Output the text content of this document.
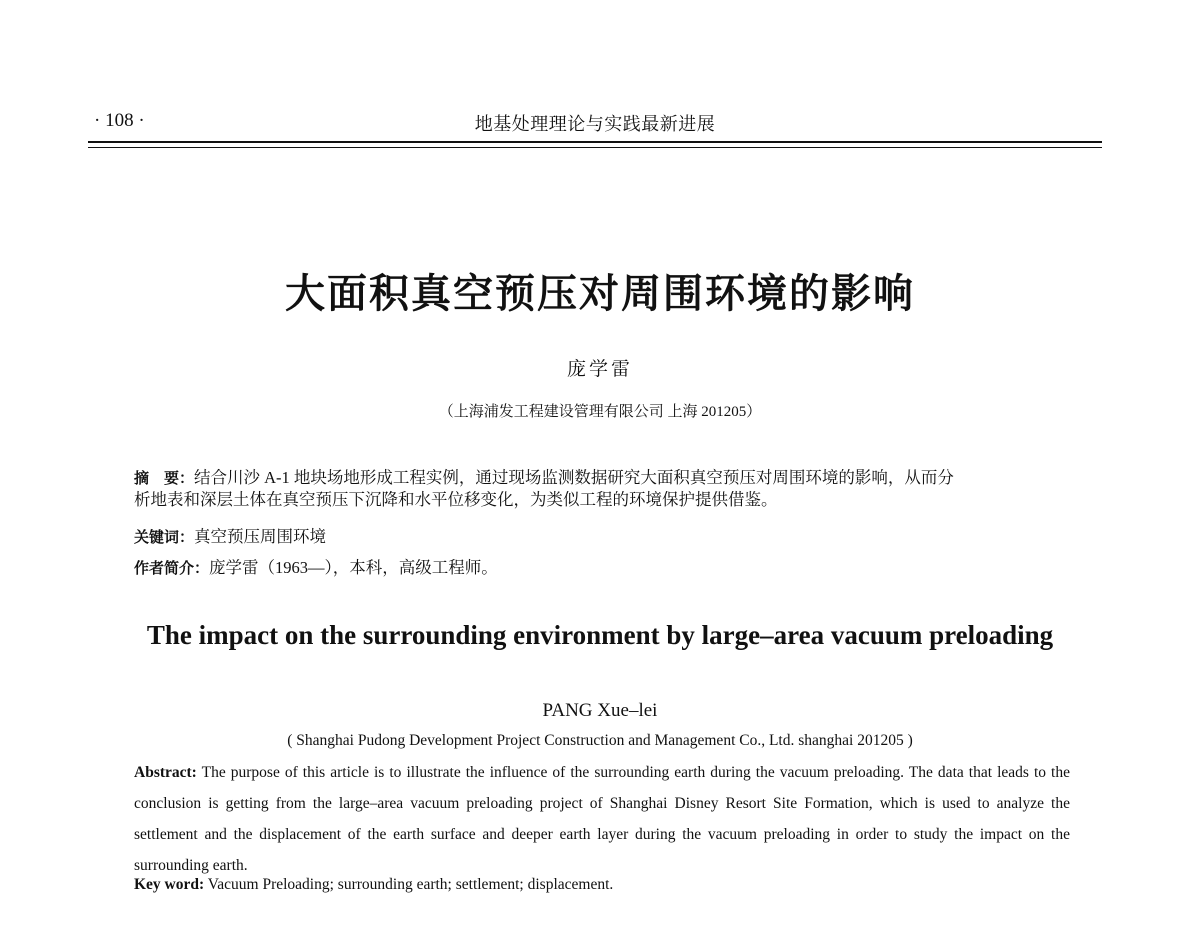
· 108 ·	地基处理理论与实践最新进展
大面积真空预压对周围环境的影响
庞学雷
（上海浦发工程建设管理有限公司 上海 201205）
摘　要：结合川沙 A-1 地块场地形成工程实例，通过现场监测数据研究大面积真空预压对周围环境的影响，从而分
析地表和深层土体在真空预压下沉降和水平位移变化，为类似工程的环境保护提供借鉴。
关键词：真空预压周围环境
作者简介：庞学雷（1963—），本科，高级工程师。
The impact on the surrounding environment by large–area vacuum preloading
PANG Xue–lei
( Shanghai Pudong Development Project Construction and Management Co., Ltd. shanghai 201205 )
Abstract: The purpose of this article is to illustrate the influence of the surrounding earth during the vacuum preloading. The data that leads to the conclusion is getting from the large–area vacuum preloading project of Shanghai Disney Resort Site Formation, which is used to analyze the settlement and the displacement of the earth surface and deeper earth layer during the vacuum preloading in order to study the impact on the surrounding earth.
Key word: Vacuum Preloading; surrounding earth; settlement; displacement.
